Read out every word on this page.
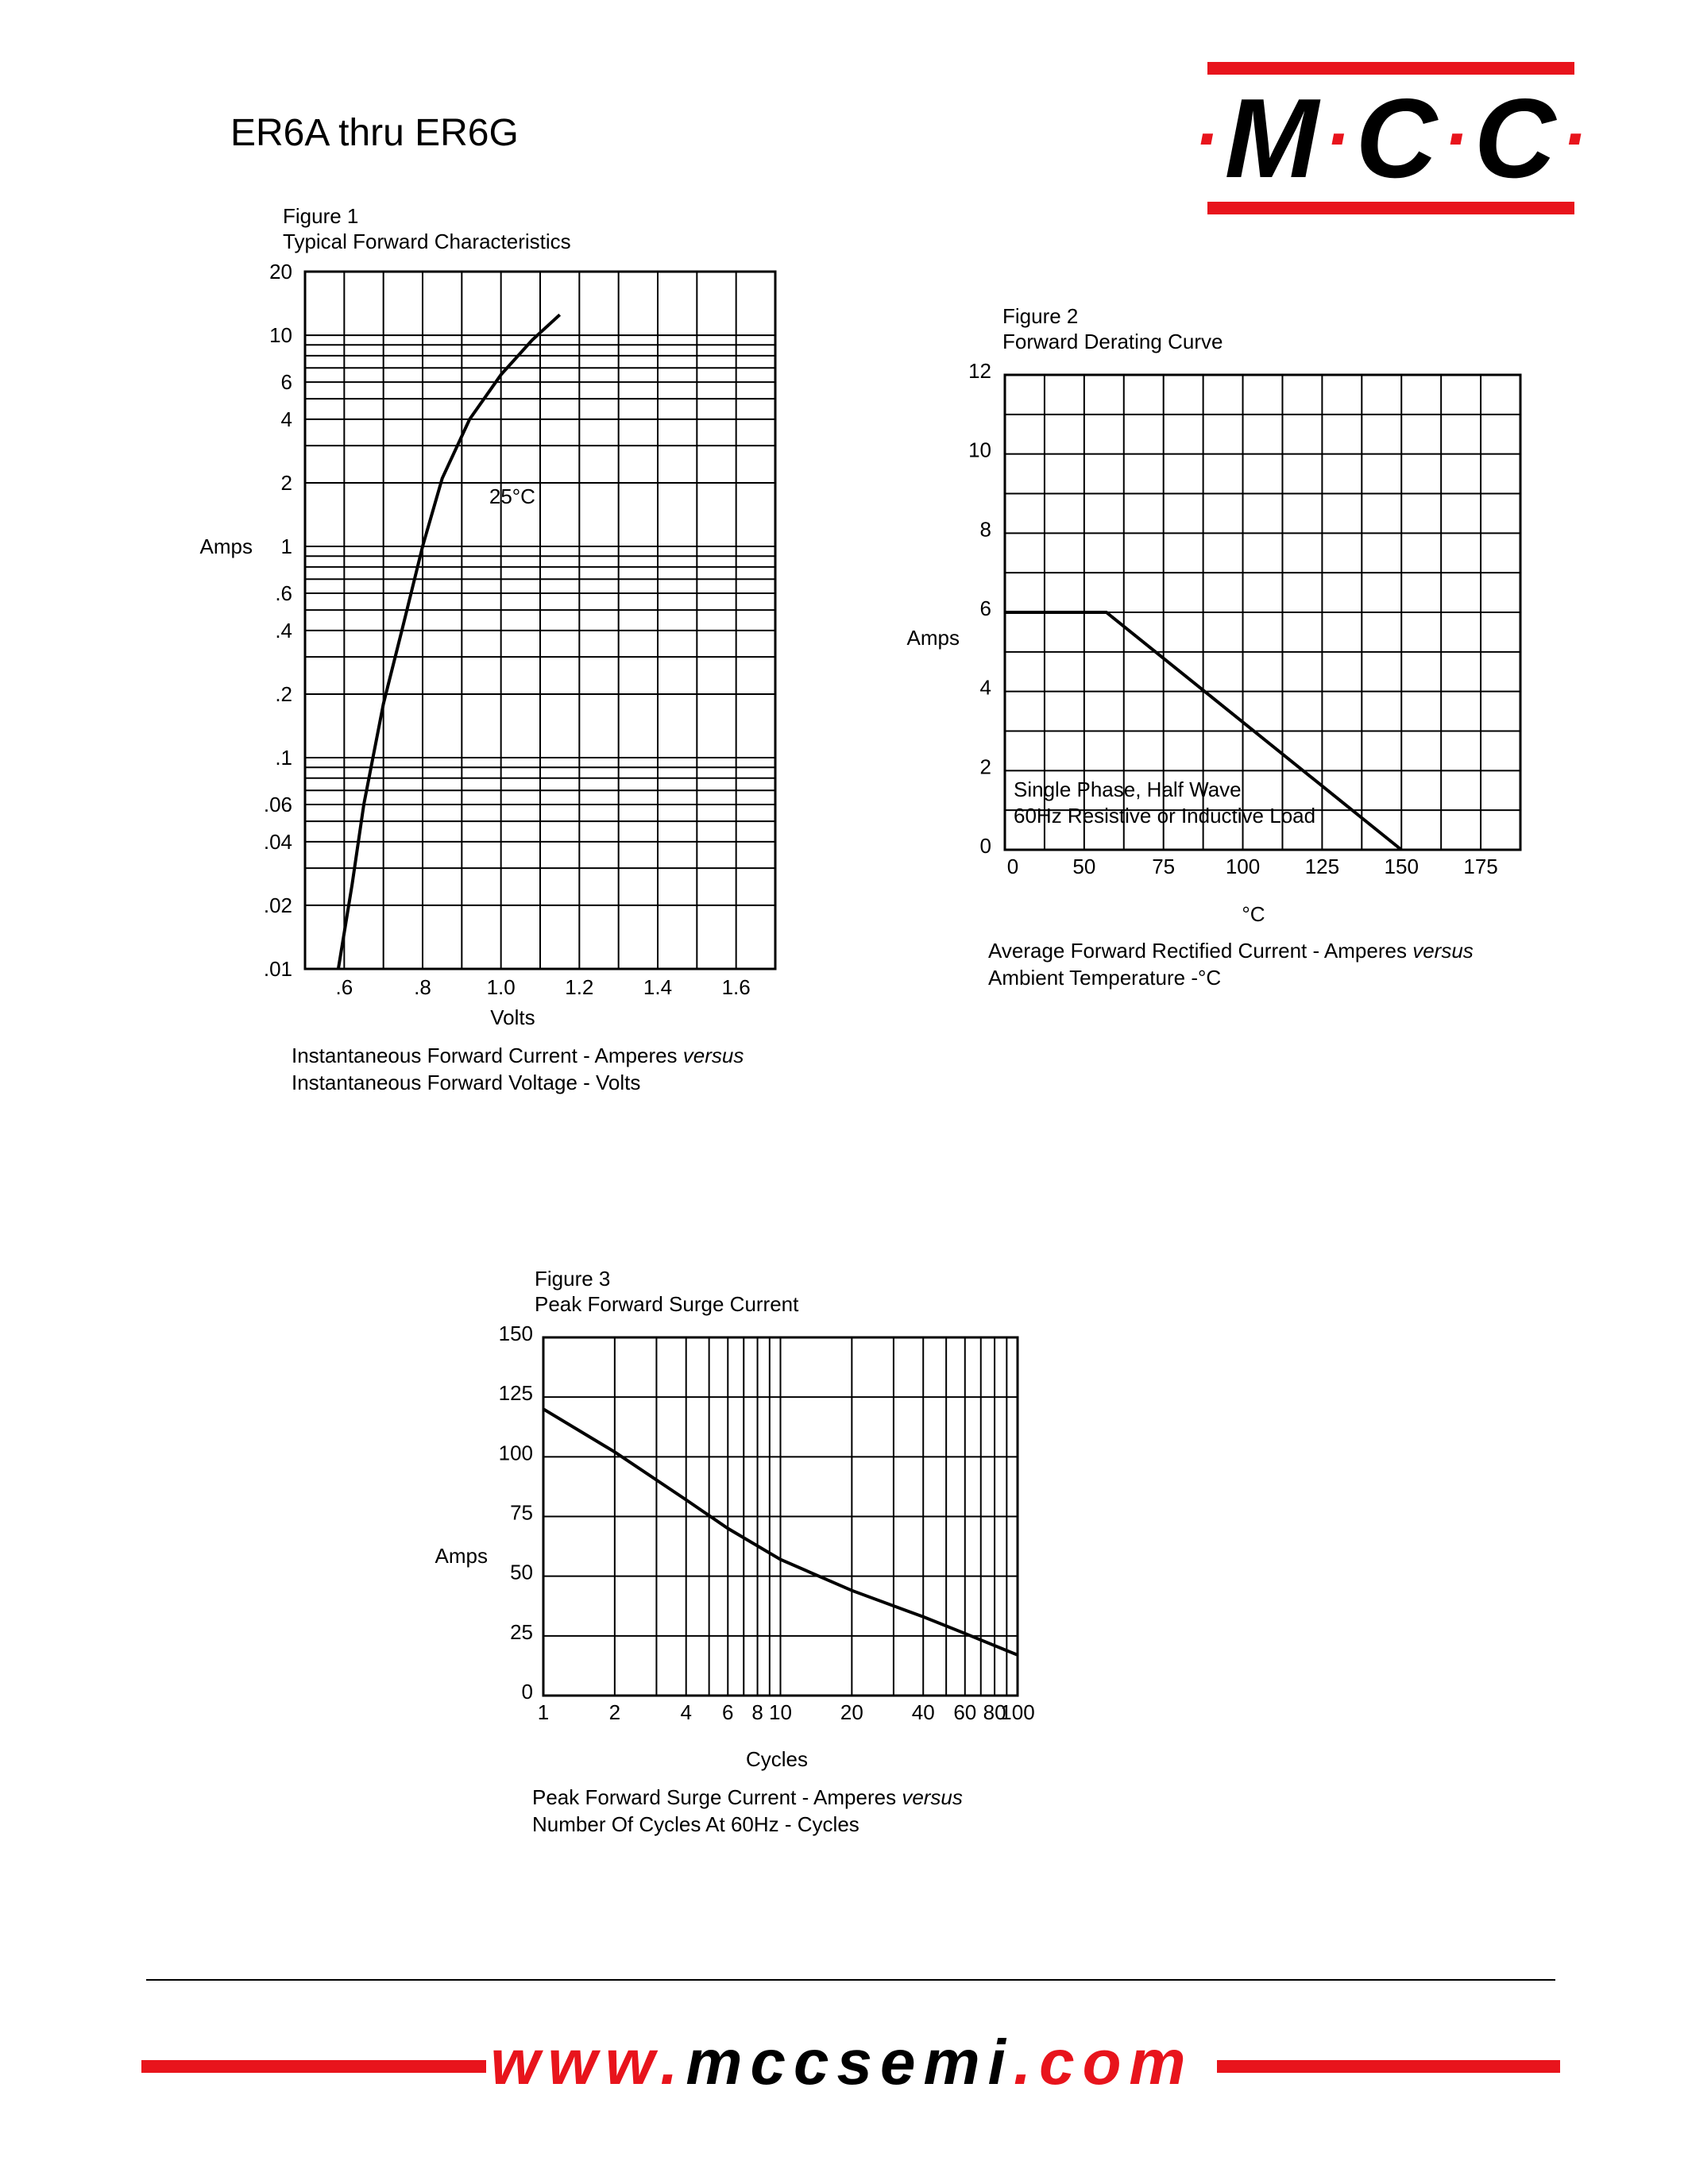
ER6A thru ER6G	· M · C · C ·
Figure 1
Typical Forward Characteristics
20
10
6
4
2
1
.6
.4
.2
.1
.06
.04
.02
.01
.6	.8	1.0 1.2 1.4 1.6
Amps
Volts
25°C
Instantaneous Forward Current - Amperes versus
Instantaneous Forward Voltage - Volts
Figure 2
Forward Derating Curve
12
10
8
6
4
2
0
0	50	75 100 125 150 175
Amps
°C
Single Phase, Half Wave
60Hz Resistive or Inductive Load
Average Forward Rectified Current - Amperes versus
Ambient Temperature -°C
Figure 3
Peak Forward Surge Current
150
125
100
75
50
25
0
1	2	4 6 8 10 20 40 60 80
100
Amps
Cycles
Peak Forward Surge Current - Amperes versus
Number Of Cycles At 60Hz - Cycles
www.mccsemi.com
